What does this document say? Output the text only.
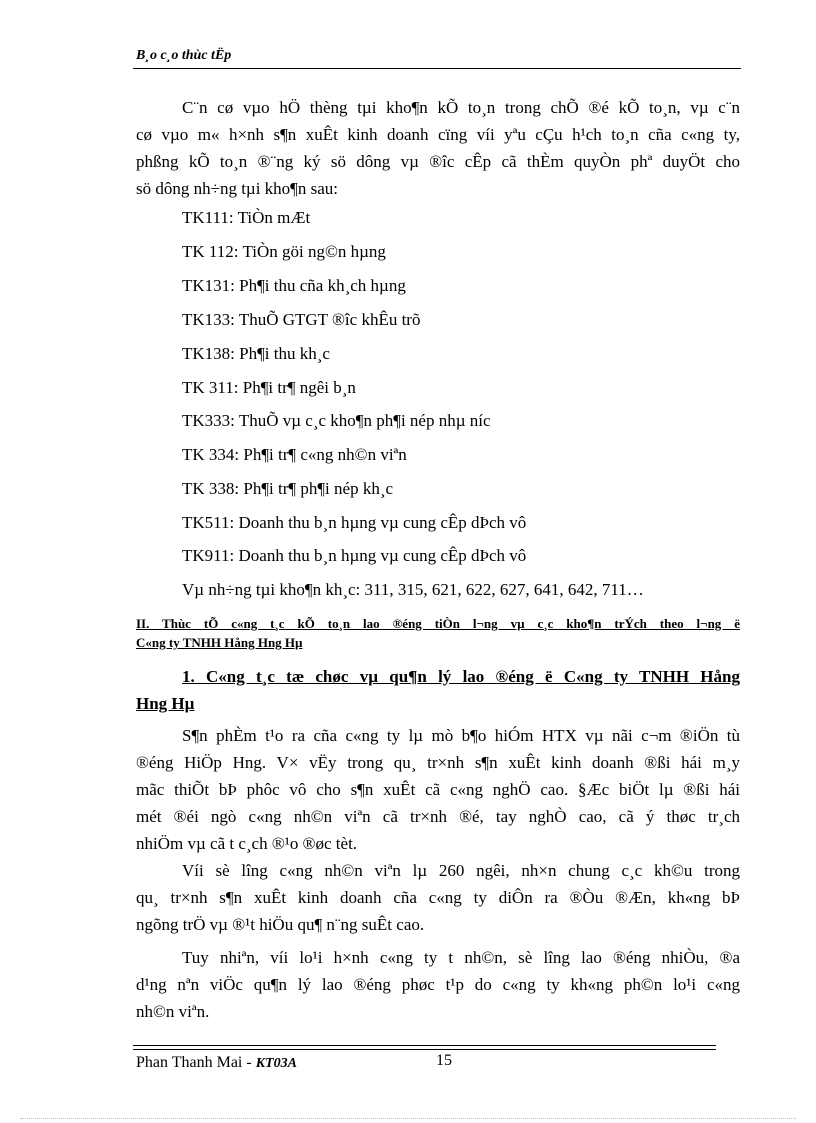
B¸o c¸o thùc tËp
C¨n cø vµo hÖ thèng tµi kho¶n kÕ to¸n trong chÕ ®é kÕ to¸n, vµ c¨n
cø vµo m« h×nh s¶n xuÊt kinh doanh cïng víi yªu cÇu h¹ch to¸n cña c«ng ty,
phßng kÕ to¸n ®¨ng ký sö dông vµ ®îc cÊp cã thÈm quyÒn phª duyÖt cho
sö dông nh÷ng tµi kho¶n sau:
TK111: TiÒn mÆt
TK 112: TiÒn göi ng©n hµng
TK131: Ph¶i thu cña kh¸ch hµng
TK133: ThuÕ GTGT ®îc khÊu trõ
TK138: Ph¶i thu kh¸c
TK 311: Ph¶i tr¶ ngêi b¸n
TK333: ThuÕ vµ c¸c kho¶n ph¶i nép nhµ níc
TK 334: Ph¶i tr¶ c«ng nh©n viªn
TK 338: Ph¶i tr¶ ph¶i nép kh¸c
TK511: Doanh thu b¸n hµng vµ cung cÊp dÞch vô
TK911: Doanh thu b¸n hµng vµ cung cÊp dÞch vô
Vµ nh÷ng tµi kho¶n kh¸c: 311, 315, 621, 622, 627, 641, 642, 711…
II. Thùc tÕ c«ng t¸c kÕ to¸n lao ®éng tiÒn l¬ng vµ c¸c kho¶n trÝch theo l¬ng ë
C«ng ty TNHH Hång Hng Hµ
1. C«ng t¸c tæ chøc vµ qu¶n lý lao ®éng ë C«ng ty TNHH Hång
Hng Hµ
S¶n phÈm t¹o ra cña c«ng ty lµ mò b¶o hiÓm HTX vµ nãi c¬m ®iÖn tù
®éng HiÖp Hng. V× vËy trong qu¸ tr×nh s¶n xuÊt kinh doanh ®ßi hái m¸y
mãc thiÕt bÞ phôc vô cho s¶n xuÊt cã c«ng nghÖ cao. §Æc biÖt lµ ®ßi hái
mét ®éi ngò c«ng nh©n viªn cã tr×nh ®é, tay nghÒ cao, cã ý thøc tr¸ch
nhiÖm vµ cã t c¸ch ®¹o ®øc tèt.
Víi sè lîng c«ng nh©n viªn lµ 260 ngêi, nh×n chung c¸c kh©u trong
qu¸ tr×nh s¶n xuÊt kinh doanh cña c«ng ty diÔn ra ®Òu ®Æn, kh«ng bÞ
ngõng trÖ vµ ®¹t hiÖu qu¶ n¨ng suÊt cao.
Tuy nhiªn, víi lo¹i h×nh c«ng ty t nh©n, sè lîng lao ®éng nhiÒu, ®a
d¹ng nªn viÖc qu¶n lý lao ®éng phøc t¹p do c«ng ty kh«ng ph©n lo¹i c«ng
nh©n viªn.
Phan Thanh Mai - KT03A	15
